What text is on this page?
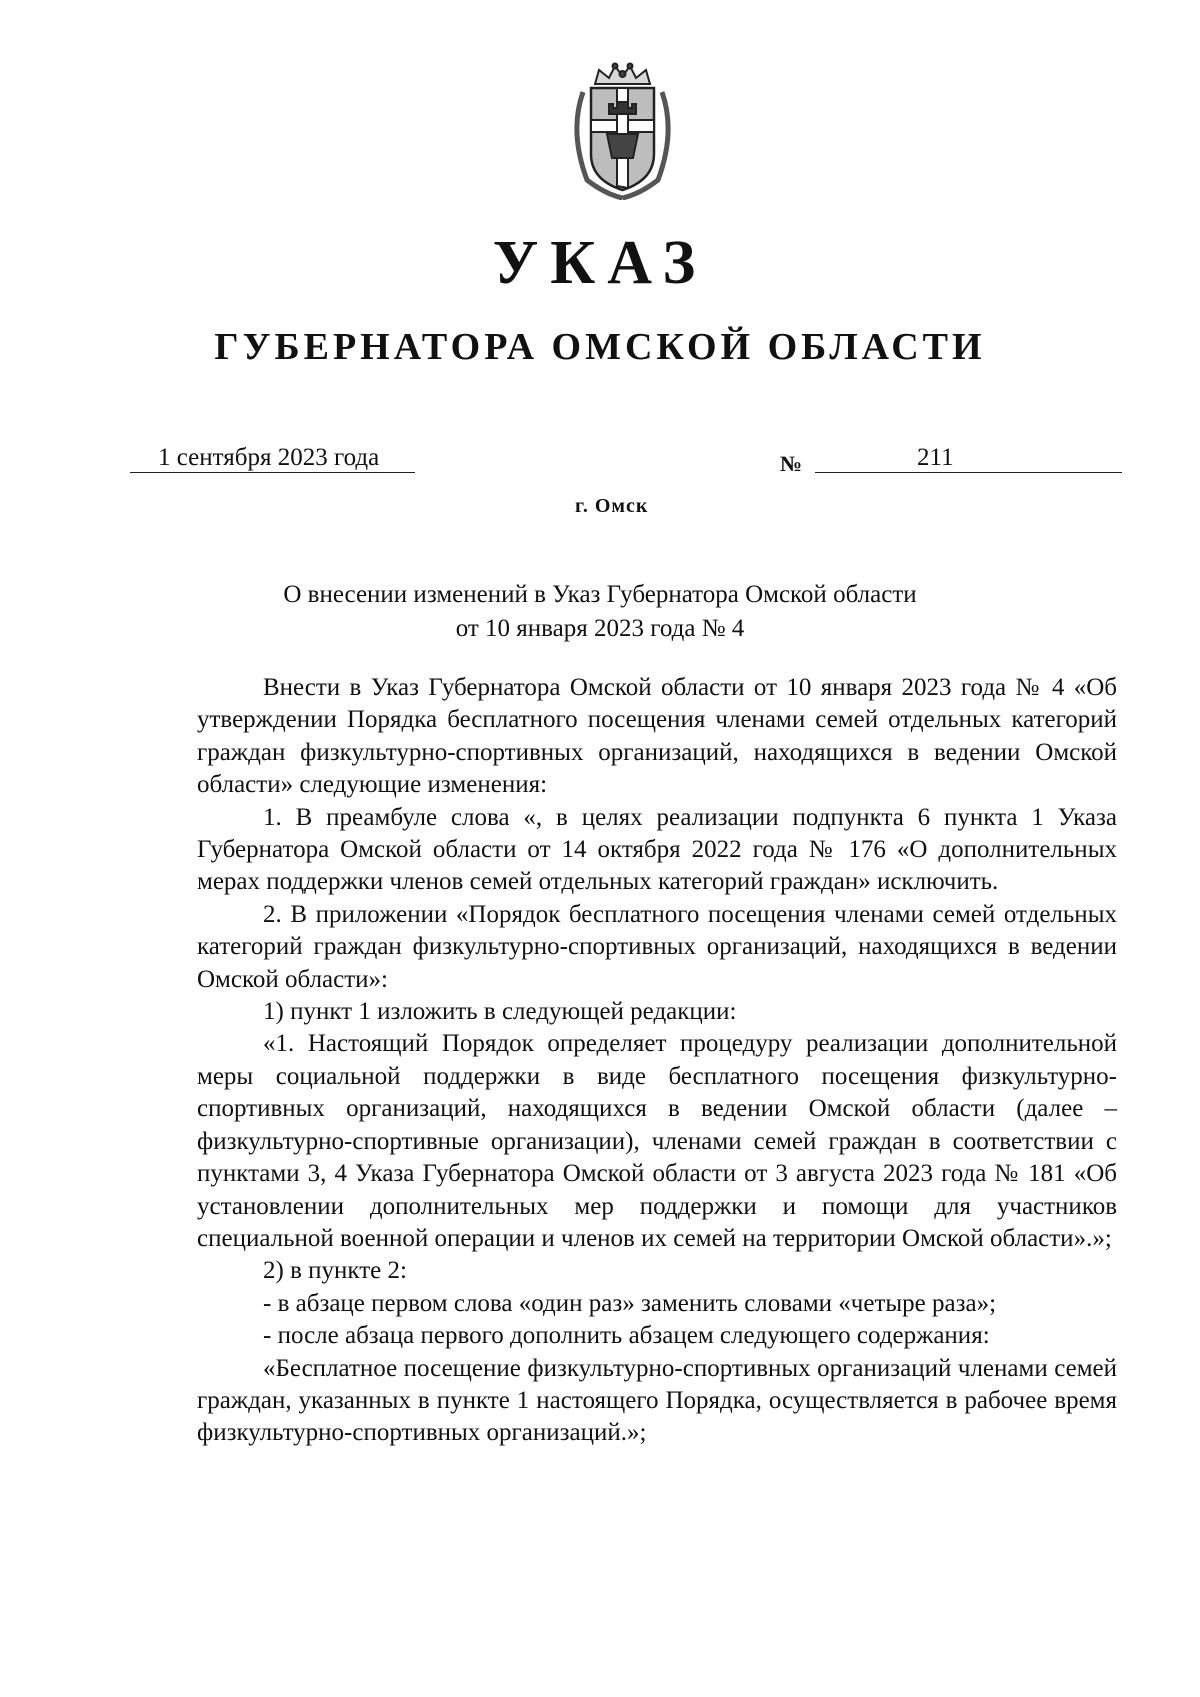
УКАЗ
ГУБЕРНАТОРА ОМСКОЙ ОБЛАСТИ
1 сентября 2023 года	№	211
г. Омск
О внесении изменений в Указ Губернатора Омской области
от 10 января 2023 года № 4

Внести в Указ Губернатора Омской области от 10 января 2023 года № 4 «Об утверждении Порядка бесплатного посещения членами семей отдельных категорий граждан физкультурно-спортивных организаций, находящихся в ведении Омской области» следующие изменения:

1. В преамбуле слова «, в целях реализации подпункта 6 пункта 1 Указа Губернатора Омской области от 14 октября 2022 года № 176 «О дополнительных мерах поддержки членов семей отдельных категорий граждан» исключить.

2. В приложении «Порядок бесплатного посещения членами семей отдельных категорий граждан физкультурно-спортивных организаций, находящихся в ведении Омской области»:

1) пункт 1 изложить в следующей редакции:

«1. Настоящий Порядок определяет процедуру реализации дополнительной меры социальной поддержки в виде бесплатного посещения физкультурно-спортивных организаций, находящихся в ведении Омской области (далее – физкультурно-спортивные организации), членами семей граждан в соответствии с пунктами 3, 4 Указа Губернатора Омской области от 3 августа 2023 года № 181 «Об установлении дополнительных мер поддержки и помощи для участников специальной военной операции и членов их семей на территории Омской области».»;

2) в пункте 2:

- в абзаце первом слова «один раз» заменить словами «четыре раза»;

- после абзаца первого дополнить абзацем следующего содержания:

«Бесплатное посещение физкультурно-спортивных организаций членами семей граждан, указанных в пункте 1 настоящего Порядка, осуществляется в рабочее время физкультурно-спортивных организаций.»;
